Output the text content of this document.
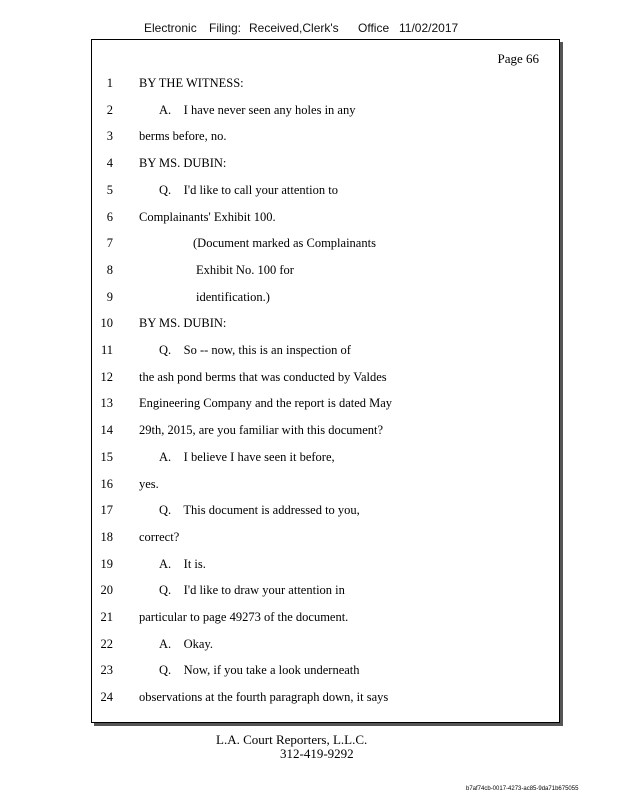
Electronic Filing: Received,Clerk's Office 11/02/2017
Page 66
1 BY THE WITNESS:
2	A.    I have never seen any holes in any
3 berms before, no.
4 BY MS. DUBIN:
5	Q.    I'd like to call your attention to
6 Complainants' Exhibit 100.
7	(Document marked as Complainants
8	Exhibit No. 100 for
9	identification.)
10 BY MS. DUBIN:
11	Q.    So -- now, this is an inspection of
12 the ash pond berms that was conducted by Valdes
13 Engineering Company and the report is dated May
14 29th, 2015, are you familiar with this document?
15	A.    I believe I have seen it before,
16 yes.
17	Q.    This document is addressed to you,
18 correct?
19	A.    It is.
20	Q.    I'd like to draw your attention in
21 particular to page 49273 of the document.
22	A.    Okay.
23	Q.    Now, if you take a look underneath
24 observations at the fourth paragraph down, it says
L.A. Court Reporters, L.L.C.
312-419-9292
b7af74cb-0017-4273-ac85-9da71b675055
